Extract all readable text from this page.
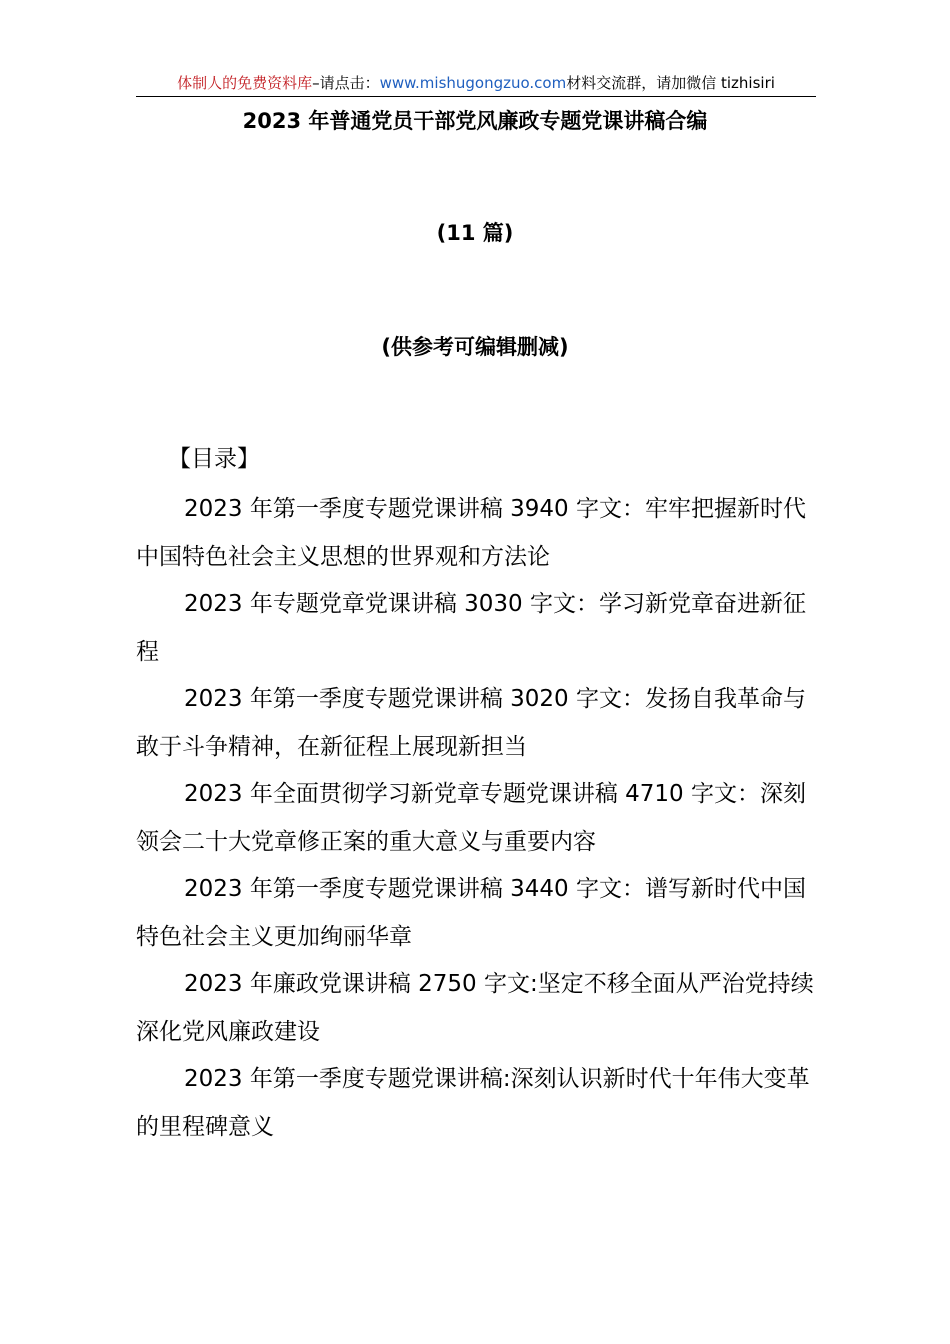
体制人的免费资料库–请点击：www.mishugongzuo.com材料交流群，请加微信 tizhisiri
2023 年普通党员干部党风廉政专题党课讲稿合编
(11 篇)
(供参考可编辑删减)
【目录】
2023 年第一季度专题党课讲稿 3940 字文：牢牢把握新时代中国特色社会主义思想的世界观和方法论
2023 年专题党章党课讲稿 3030 字文：学习新党章奋进新征程
2023 年第一季度专题党课讲稿 3020 字文：发扬自我革命与敢于斗争精神，在新征程上展现新担当
2023 年全面贯彻学习新党章专题党课讲稿 4710 字文：深刻领会二十大党章修正案的重大意义与重要内容
2023 年第一季度专题党课讲稿 3440 字文：谱写新时代中国特色社会主义更加绚丽华章
2023 年廉政党课讲稿 2750 字文:坚定不移全面从严治党持续深化党风廉政建设
2023 年第一季度专题党课讲稿:深刻认识新时代十年伟大变革的里程碑意义
